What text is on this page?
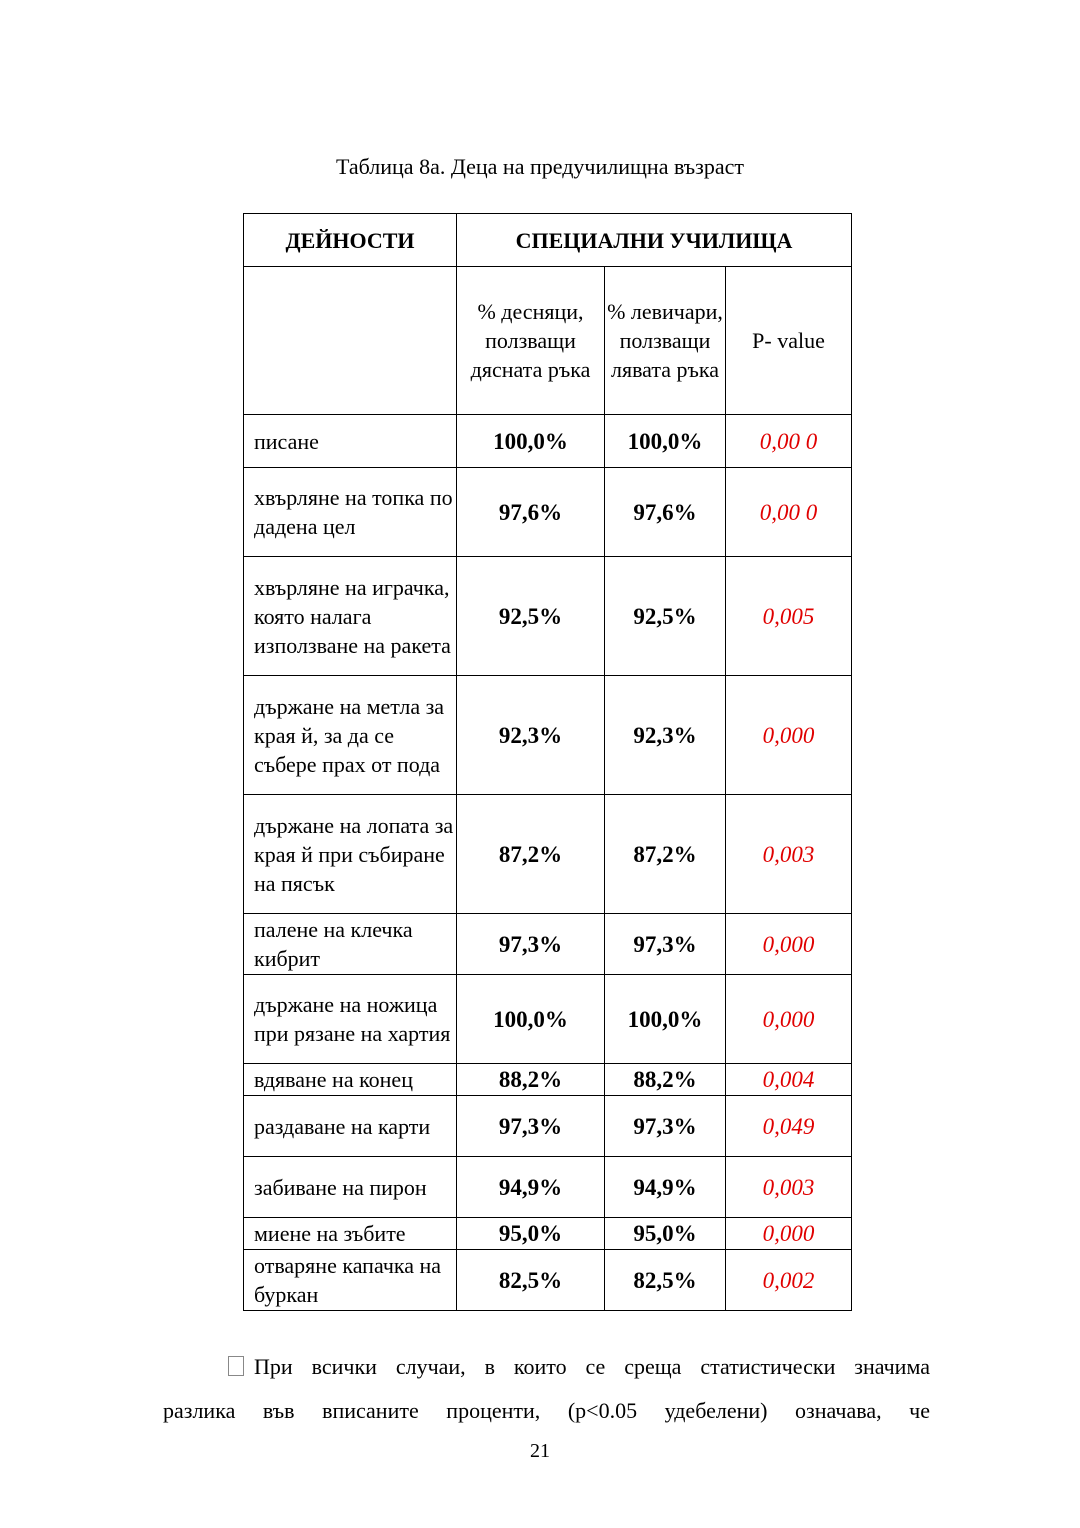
Таблица 8а. Деца на предучилищна възраст
ДЕЙНОСТИ	СПЕЦИАЛНИ УЧИЛИЩА		
	% десняци, ползващи дясната ръка	% левичари, ползващи лявата ръка	P- value
писане	100,0%	100,0%	0,00 0
хвърляне на топка по дадена цел	97,6%	97,6%	0,00 0
хвърляне на играчка, която налага използване на ракета	92,5%	92,5%	0,005
държане на метла за края й, за да се събере прах от пода	92,3%	92,3%	0,000
държане на лопата за края й при събиране на пясък	87,2%	87,2%	0,003
палене на клечка кибрит	97,3%	97,3%	0,000
държане на ножица при рязане на хартия	100,0%	100,0%	0,000
вдяване на конец	88,2%	88,2%	0,004
раздаване на карти	97,3%	97,3%	0,049
забиване на пирон	94,9%	94,9%	0,003
миене на зъбите	95,0%	95,0%	0,000
отваряне капачка на буркан	82,5%	82,5%	0,002

При всички случаи, в които се среща статистически значима

разлика във вписаните проценти, (p<0.05 удебелени) означава, че

21
